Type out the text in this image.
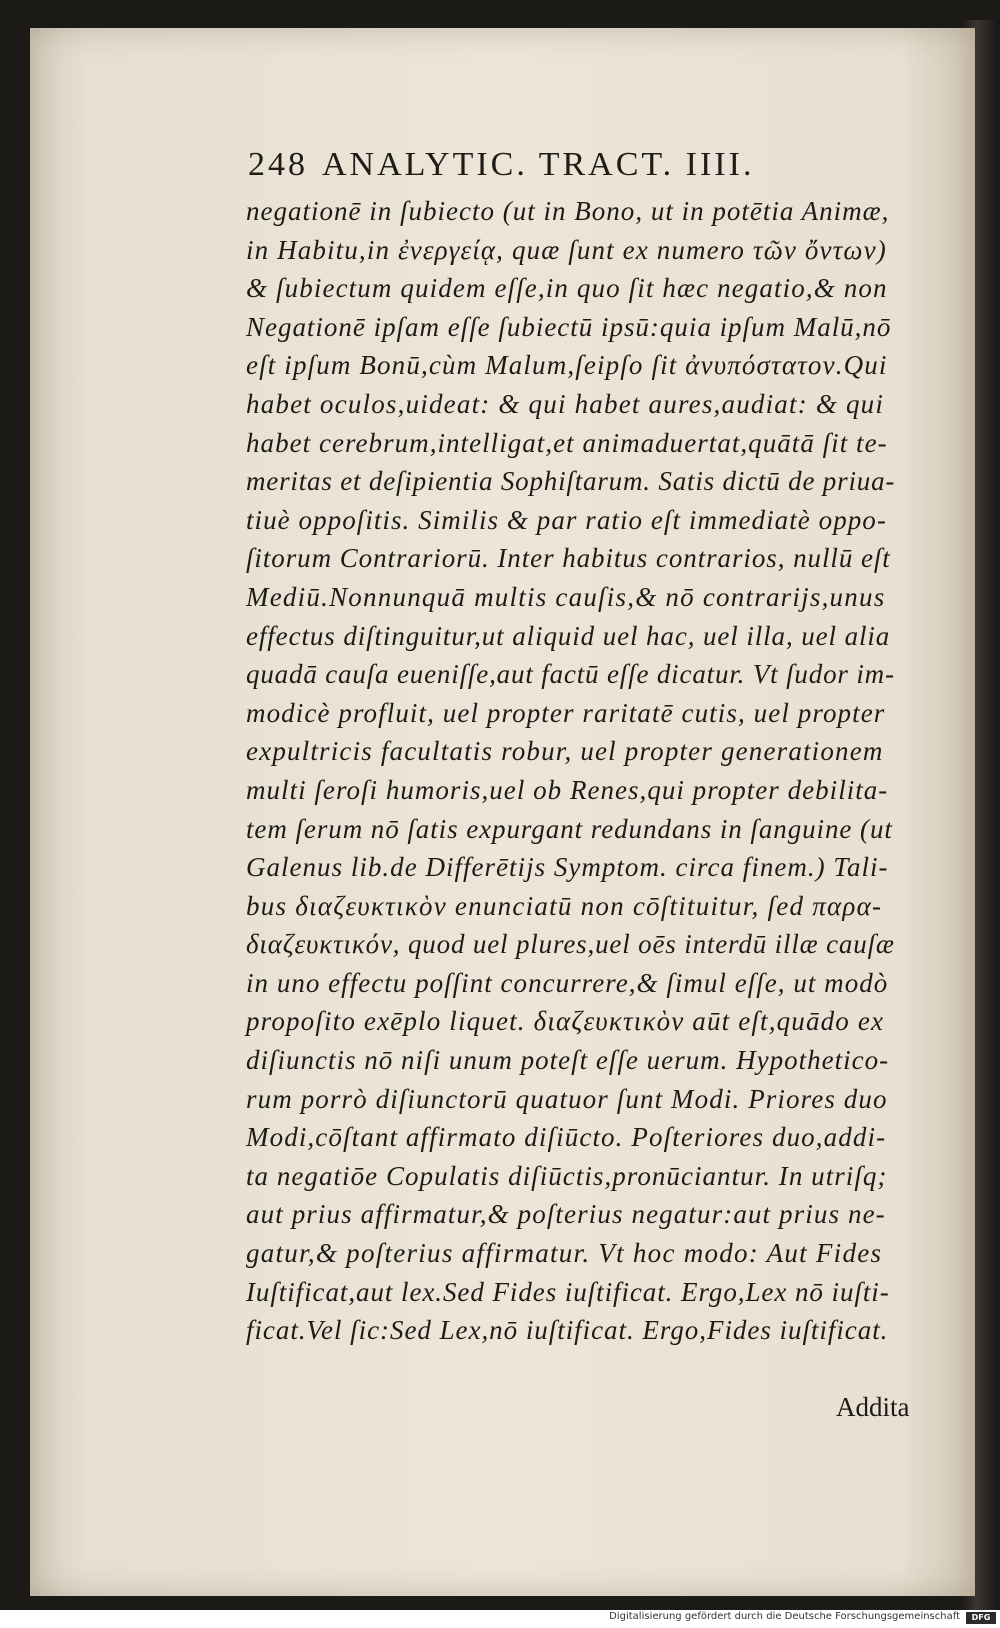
248 ANALYTIC. TRACT. IIII.
negationē in ſubiecto (ut in Bono, ut in potētia Animæ,
in Habitu,in ἐνεργείᾳ, quæ ſunt ex numero τῶν ὄντων)
& ſubiectum quidem eſſe,in quo ſit hæc negatio,& non
Negationē ipſam eſſe ſubiectū ipsū:quia ipſum Malū,nō
eſt ipſum Bonū,cùm Malum,ſeipſo ſit ἀνυπόστατον.Qui
habet oculos,uideat: & qui habet aures,audiat: & qui
habet cerebrum,intelligat,et animaduertat,quātā ſit te-
meritas et deſipientia Sophiſtarum. Satis dictū de priua-
tiuè oppoſitis. Similis & par ratio eſt immediatè oppo-
ſitorum Contrariorū. Inter habitus contrarios, nullū eſt
Mediū.Nonnunquā multis cauſis,& nō contrarijs,unus
effectus diſtinguitur,ut aliquid uel hac, uel illa, uel alia
quadā cauſa eueniſſe,aut factū eſſe dicatur. Vt ſudor im-
modicè profluit, uel propter raritatē cutis, uel propter
expultricis facultatis robur, uel propter generationem
multi ſeroſi humoris,uel ob Renes,qui propter debilita-
tem ſerum nō ſatis expurgant redundans in ſanguine (ut
Galenus lib.de Differētijs Symptom. circa finem.) Tali-
bus διαζευκτικὸν enunciatū non cōſtituitur, ſed παρα-
διαζευκτικόν, quod uel plures,uel oēs interdū illæ cauſæ
in uno effectu poſſint concurrere,& ſimul eſſe, ut modò
propoſito exēplo liquet. διαζευκτικὸν aūt eſt,quādo ex
diſiunctis nō niſi unum poteſt eſſe uerum. Hypothetico-
rum porrò diſiunctorū quatuor ſunt Modi. Priores duo
Modi,cōſtant affirmato diſiūcto. Poſteriores duo,addi-
ta negatiōe Copulatis diſiūctis,pronūciantur. In utriſq;
aut prius affirmatur,& poſterius negatur:aut prius ne-
gatur,& poſterius affirmatur. Vt hoc modo: Aut Fides
Iuſtificat,aut lex.Sed Fides iuſtificat. Ergo,Lex nō iuſti-
ficat.Vel ſic:Sed Lex,nō iuſtificat. Ergo,Fides iuſtificat.
Addita
Digitalisierung gefördert durch die Deutsche Forschungsgemeinschaft	DFG
